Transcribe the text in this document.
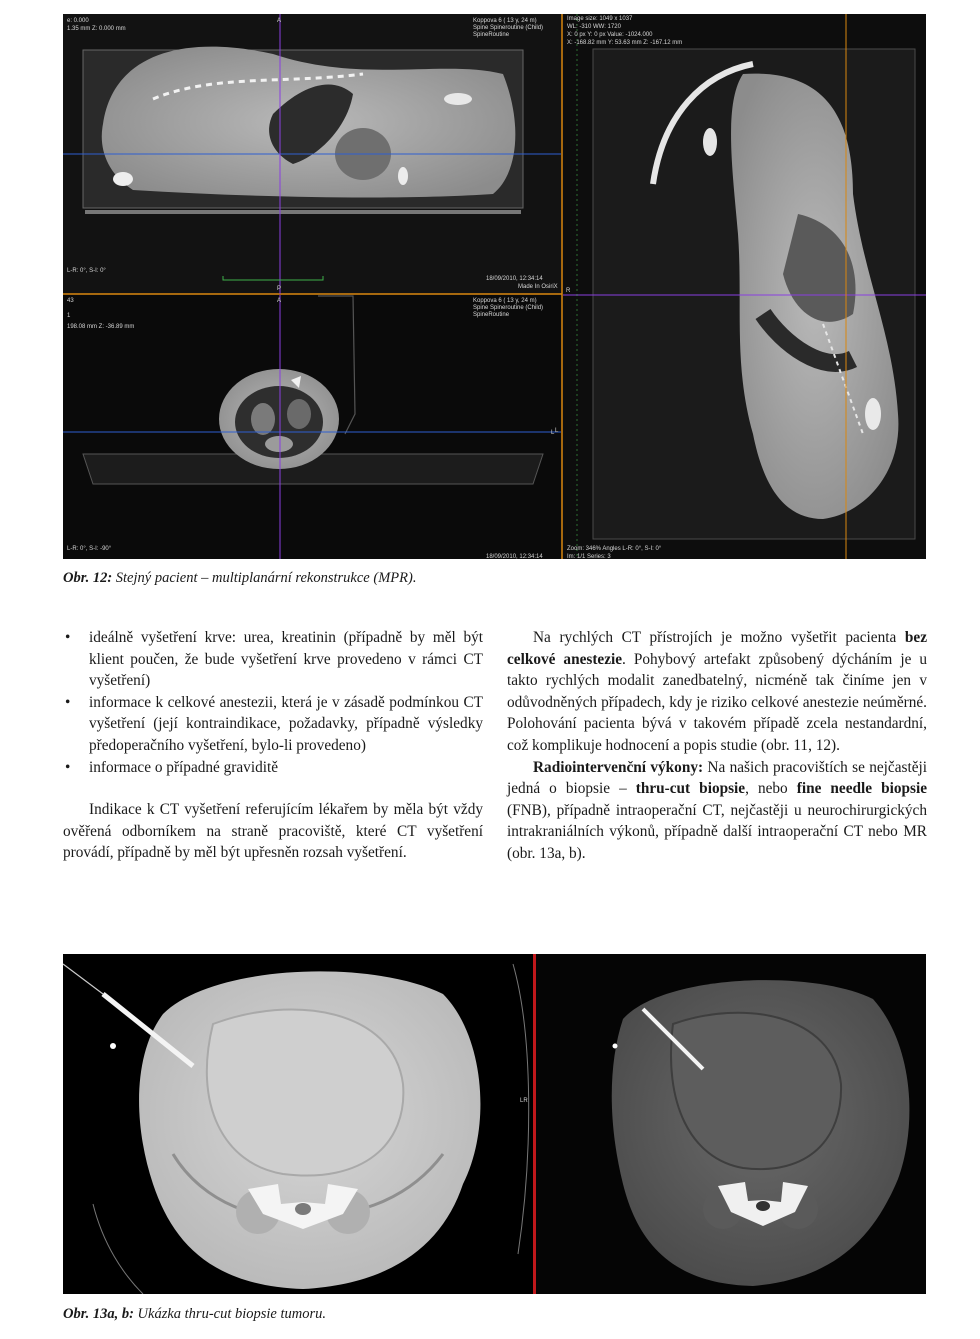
e: 0.000
1.35 mm Z: 0.000 mm
Koppova 6 ( 13 y, 24 m)
Spine Spineroutine (Child)
SpineRoutine
A
P
L-R: 0°, S-I: 0°
18/09/2010, 12:34:14
Made In OsiriX
43
1
198.08 mm Z: -36.89 mm
A	Koppova 6 ( 13 y, 24 m)
Spine Spineroutine (Child)
SpineRoutine
L
L-R: 0°, S-I: -90°
18/09/2010, 12:34:14
Image size: 1049 x 1037
WL: -310 WW: 1720
X: 0 px Y: 0 px Value: -1024.000
X: -168.82 mm Y: 53.63 mm Z: -167.12 mm
R
L
Zoom: 346% Angles L-R: 0°, S-I: 0°
Im: 1/1 Series: 3
Obr. 12: Stejný pacient – multiplanární rekonstrukce (MPR).
• ideálně vyšetření krve: urea, kreatinin (případně by měl být klient poučen, že bude vyšetření krve provedeno v rámci CT vyšetření)
• informace k celkové anestezii, která je v zásadě podmínkou CT vyšetření (její kontraindikace, požadavky, případně výsledky předoperačního vyšetření, bylo-li provedeno)
• informace o případné graviditě

Indikace k CT vyšetření referujícím lékařem by měla být vždy ověřená odborníkem na straně pracoviště, které CT vyšetření provádí, případně by měl být upřesněn rozsah vyšetření.

Na rychlých CT přístrojích je možno vyšetřit pacienta bez celkové anestezie. Pohybový artefakt způsobený dýcháním je u takto rychlých modalit zanedbatelný, nicméně tak činíme jen v odůvodněných případech, kdy je riziko celkové anestezie neúměrné. Polohování pacienta bývá v takovém případě zcela nestandardní, což komplikuje hodnocení a popis studie (obr. 11, 12).

Radiointervenční výkony: Na našich pracovištích se nejčastěji jedná o biopsie – thru-cut biopsie, nebo fine needle biopsie (FNB), případně intraoperační CT, nejčastěji u neurochirurgických intrakraniálních výkonů, případně další intraoperační CT nebo MR (obr. 13a, b).

LR
Obr. 13a, b: Ukázka thru-cut biopsie tumoru.
